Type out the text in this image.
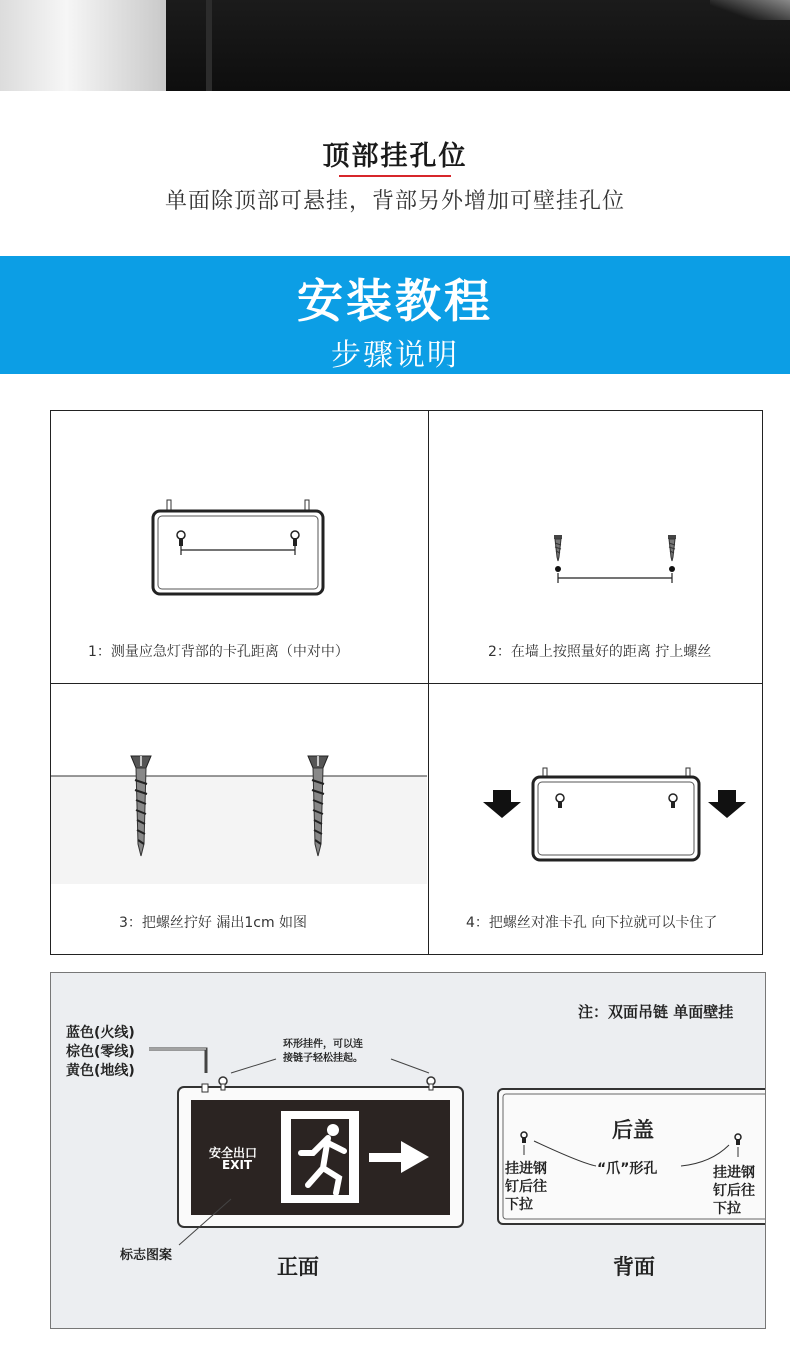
顶部挂孔位
单面除顶部可悬挂，背部另外增加可壁挂孔位
安装教程
步骤说明
1：测量应急灯背部的卡孔距离（中对中）	2：在墙上按照量好的距离 拧上螺丝
3：把螺丝拧好 漏出1cm 如图	4：把螺丝对准卡孔 向下拉就可以卡住了
注：双面吊链 单面壁挂
蓝色(火线)
棕色(零线)
黄色(地线)
环形挂件，可以连
接链子轻松挂起。
安全出口
EXIT
标志图案	正面
后盖
“爪”形孔
挂进钢
钉后往
下拉
挂进钢
钉后往
下拉
背面
